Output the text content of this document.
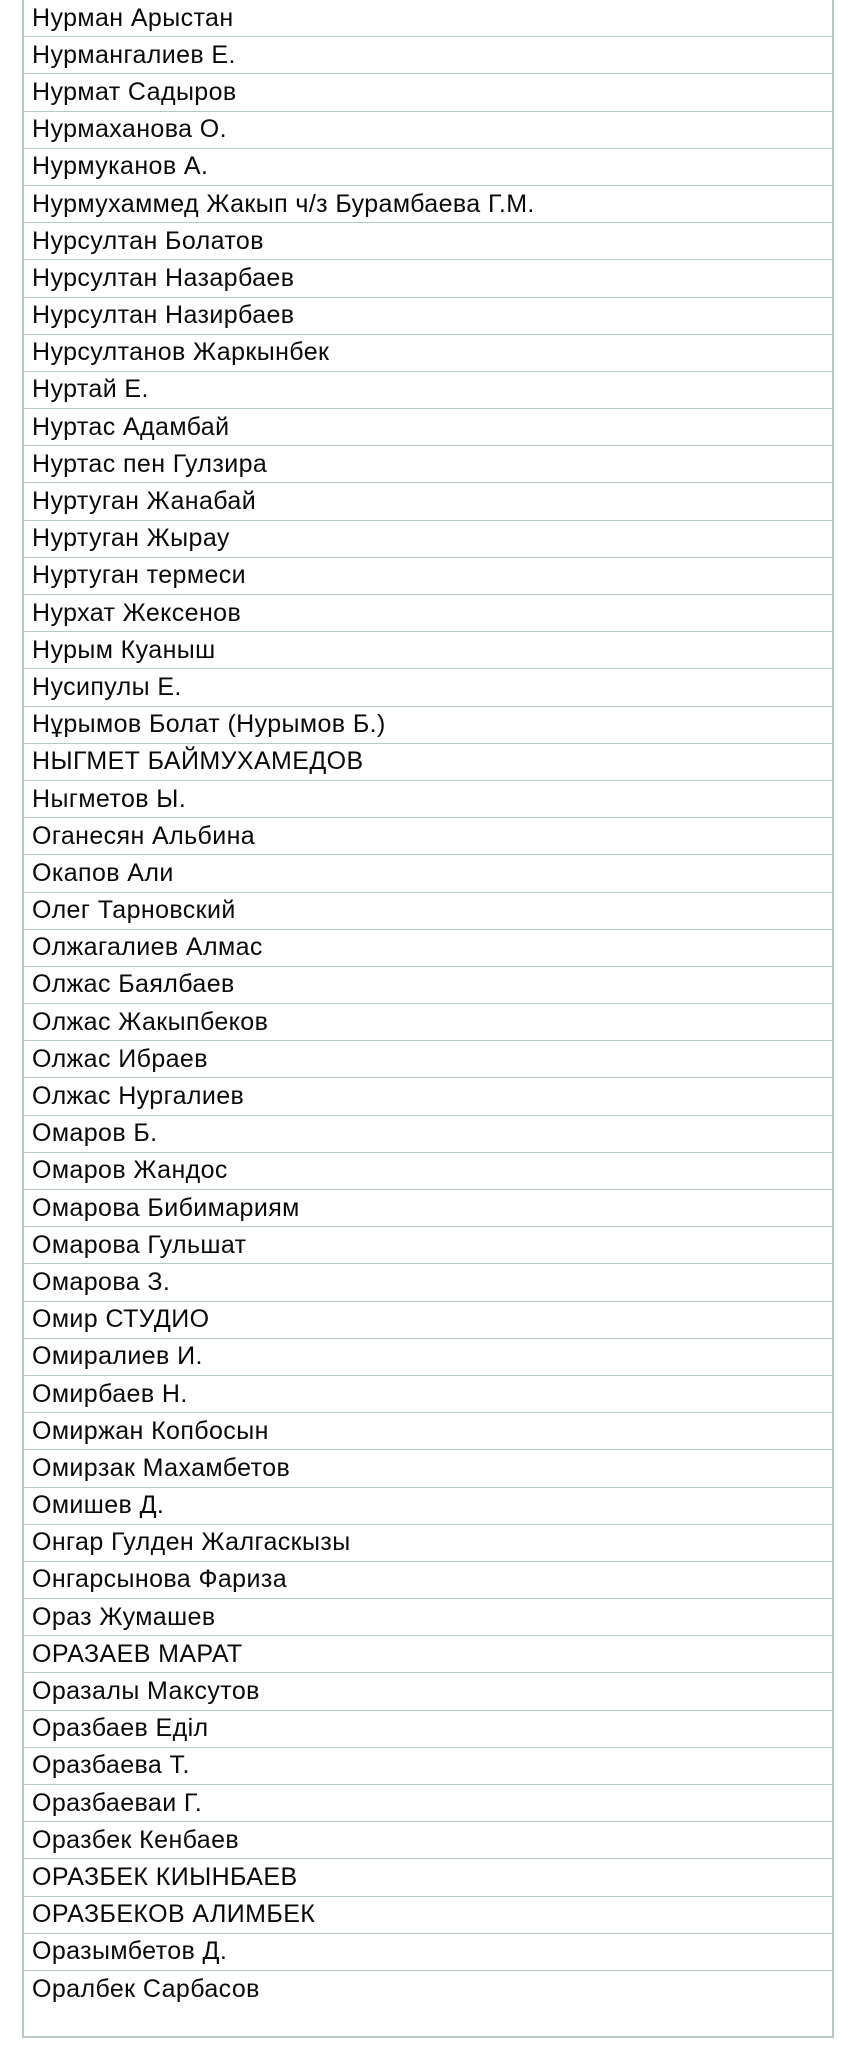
Нурман Арыстан
Нурмангалиев Е.
Нурмат Садыров
Нурмаханова О.
Нурмуканов А.
Нурмухаммед Жакып ч/з Бурамбаева Г.М.
Нурсултан Болатов
Нурсултан Назарбаев
Нурсултан Назирбаев
Нурсултанов Жаркынбек
Нуртай Е.
Нуртас Адамбай
Нуртас пен Гулзира
Нуртуган Жанабай
Нуртуган Жырау
Нуртуган термеси
Нурхат Жексенов
Нурым Куаныш
Нусипулы Е.
Нұрымов Болат (Нурымов Б.)
НЫГМЕТ БАЙМУХАМЕДОВ
Ныгметов Ы.
Оганесян Альбина
Окапов Али
Олег Тарновский
Олжагалиев Алмас
Олжас Баялбаев
Олжас Жакыпбеков
Олжас Ибраев
Олжас Нургалиев
Омаров Б.
Омаров Жандос
Омарова Бибимариям
Омарова Гульшат
Омарова З.
Омир СТУДИО
Омиралиев И.
Омирбаев Н.
Омиржан Копбосын
Омирзак Махамбетов
Омишев Д.
Онгар Гулден Жалгаскызы
Онгарсынова Фариза
Ораз Жумашев
ОРАЗАЕВ МАРАТ
Оразалы Максутов
Оразбаев Еділ
Оразбаева Т.
Оразбаеваи Г.
Оразбек Кенбаев
ОРАЗБЕК КИЫНБАЕВ
ОРАЗБЕКОВ АЛИМБЕК
Оразымбетов Д.
Оралбек Сарбасов
